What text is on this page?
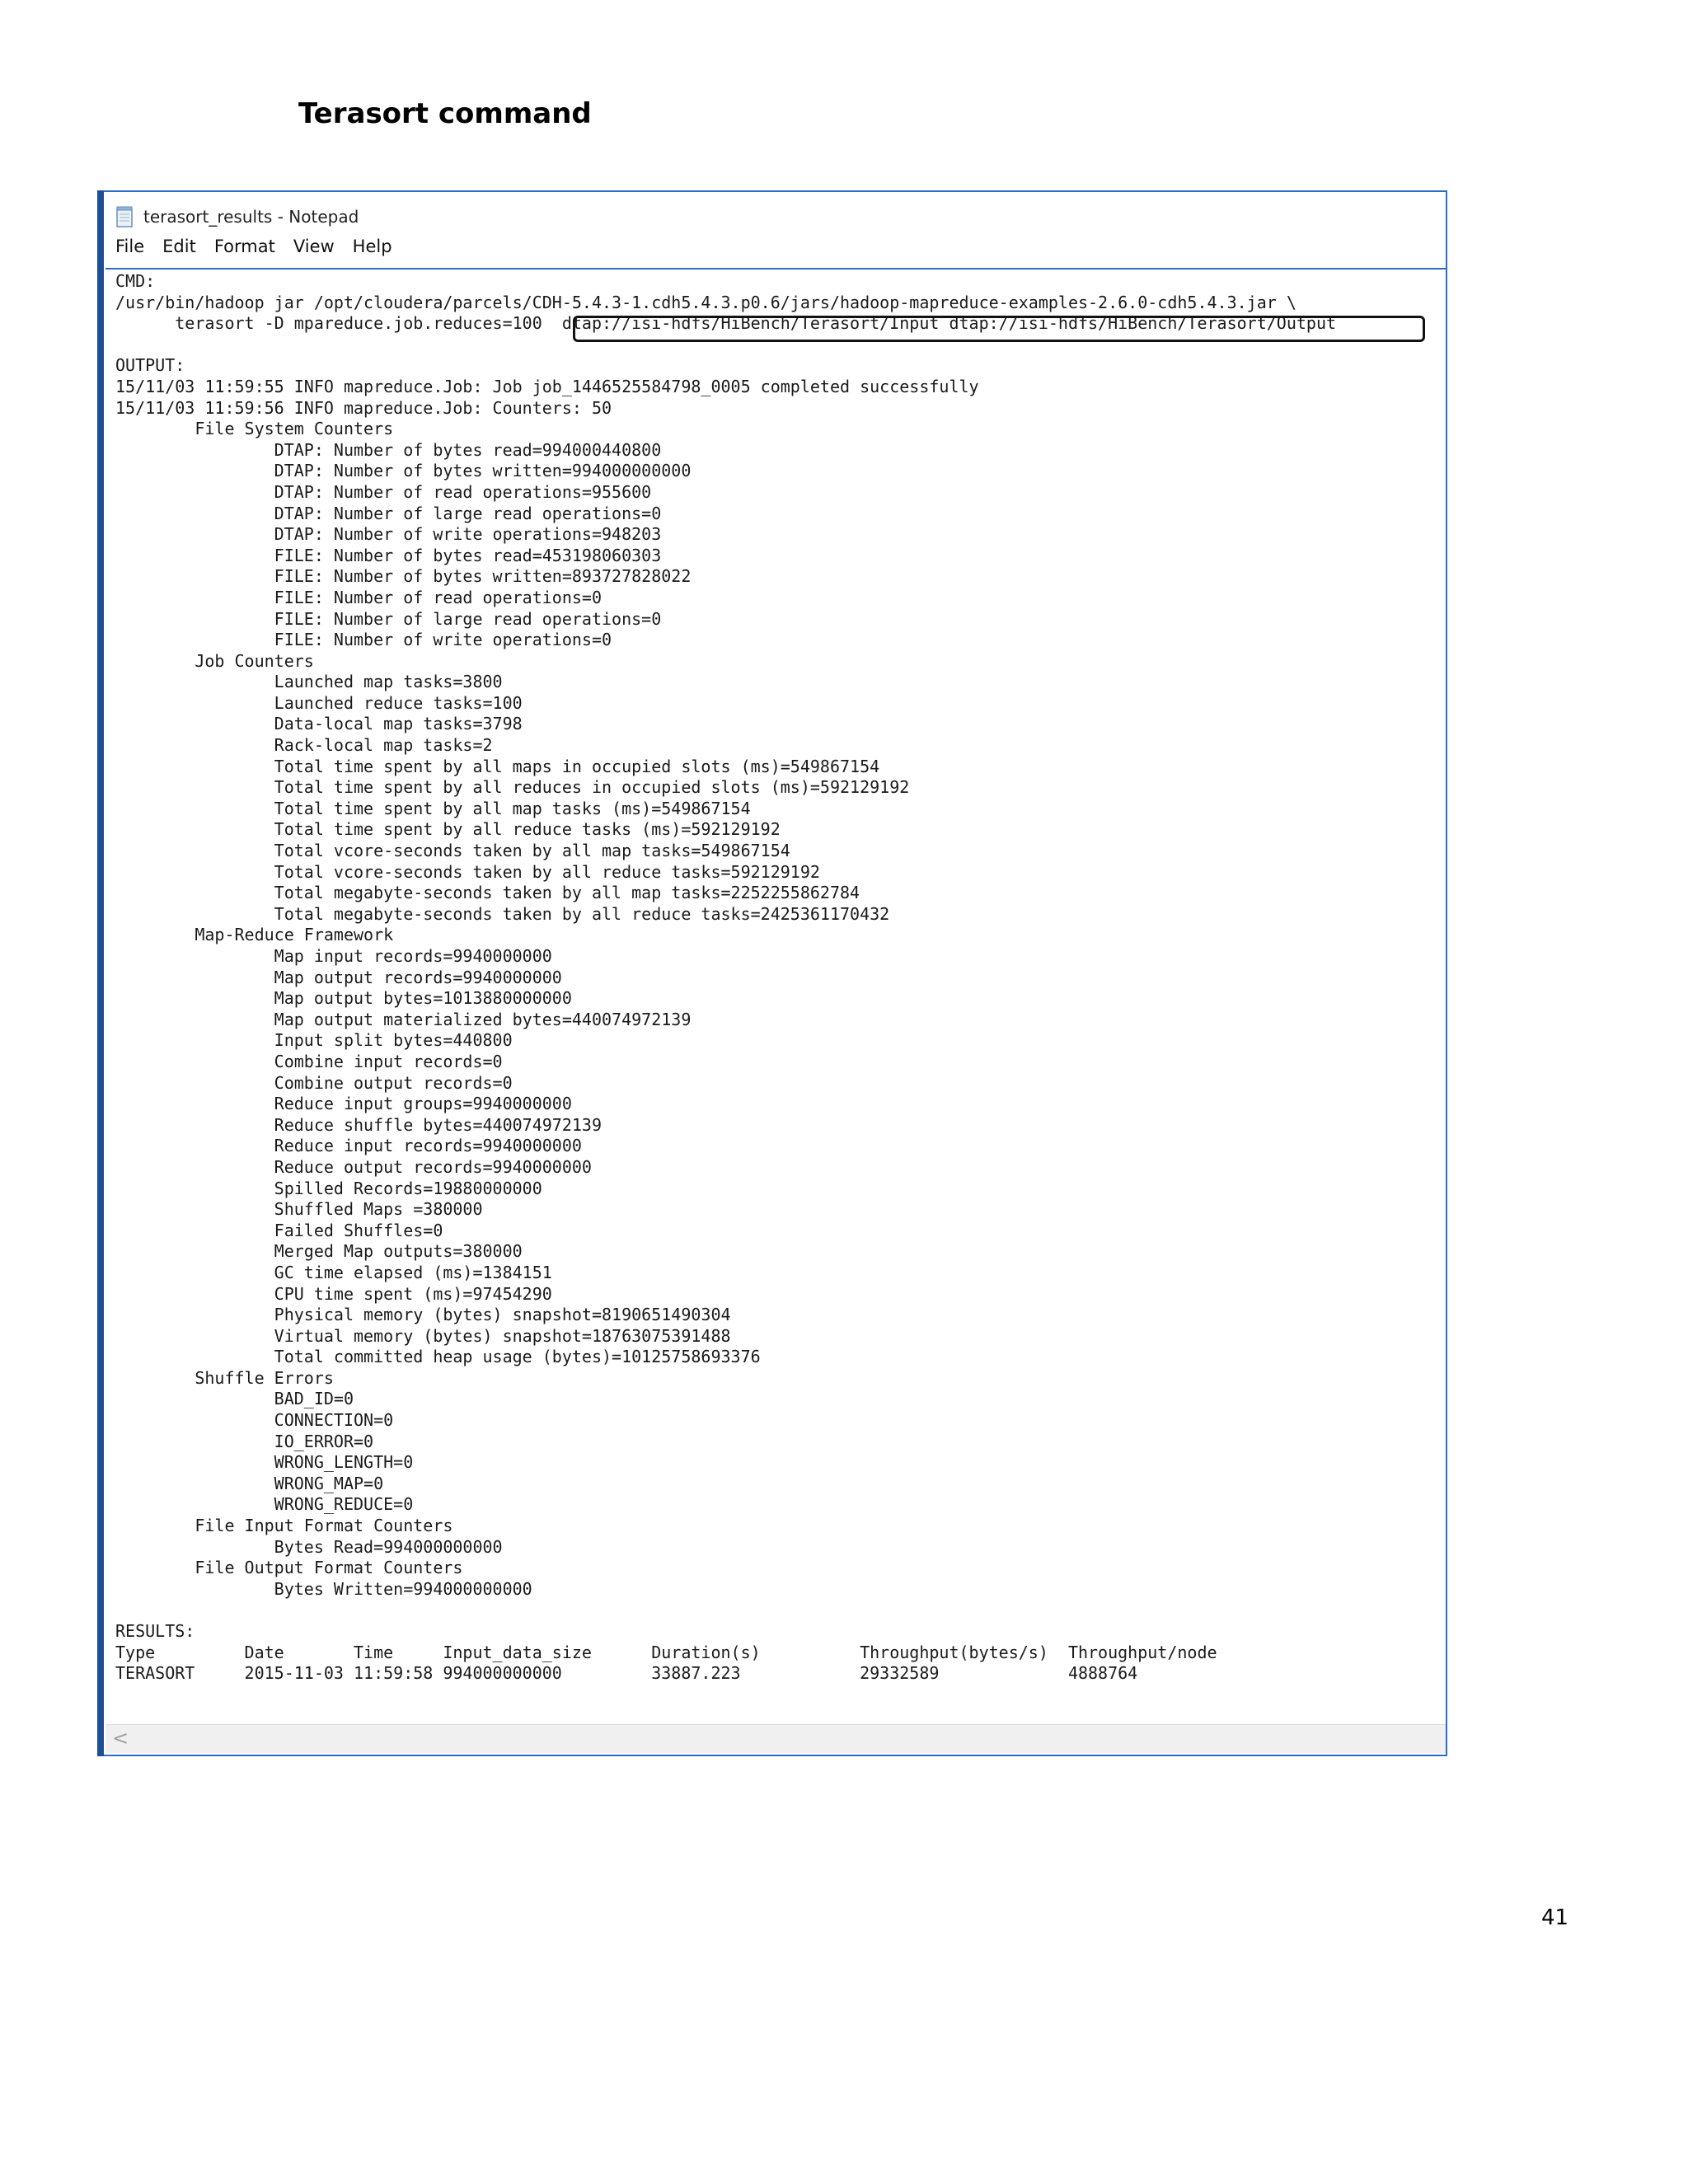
Terasort command
terasort_results - Notepad
File Edit Format View Help
CMD:
/usr/bin/hadoop jar /opt/cloudera/parcels/CDH-5.4.3-1.cdh5.4.3.p0.6/jars/hadoop-mapreduce-examples-2.6.0-cdh5.4.3.jar \
terasort -D mpareduce.job.reduces=100  dtap://isi-hdfs/HiBench/Terasort/Input dtap://isi-hdfs/HiBench/Terasort/Output
OUTPUT:
15/11/03 11:59:55 INFO mapreduce.Job: Job job_1446525584798_0005 completed successfully
15/11/03 11:59:56 INFO mapreduce.Job: Counters: 50
File System Counters
DTAP: Number of bytes read=994000440800
DTAP: Number of bytes written=994000000000
DTAP: Number of read operations=955600
DTAP: Number of large read operations=0
DTAP: Number of write operations=948203
FILE: Number of bytes read=453198060303
FILE: Number of bytes written=893727828022
FILE: Number of read operations=0
FILE: Number of large read operations=0
FILE: Number of write operations=0
Job Counters
Launched map tasks=3800
Launched reduce tasks=100
Data-local map tasks=3798
Rack-local map tasks=2
Total time spent by all maps in occupied slots (ms)=549867154
Total time spent by all reduces in occupied slots (ms)=592129192
Total time spent by all map tasks (ms)=549867154
Total time spent by all reduce tasks (ms)=592129192
Total vcore-seconds taken by all map tasks=549867154
Total vcore-seconds taken by all reduce tasks=592129192
Total megabyte-seconds taken by all map tasks=2252255862784
Total megabyte-seconds taken by all reduce tasks=2425361170432
Map-Reduce Framework
Map input records=9940000000
Map output records=9940000000
Map output bytes=1013880000000
Map output materialized bytes=440074972139
Input split bytes=440800
Combine input records=0
Combine output records=0
Reduce input groups=9940000000
Reduce shuffle bytes=440074972139
Reduce input records=9940000000
Reduce output records=9940000000
Spilled Records=19880000000
Shuffled Maps =380000
Failed Shuffles=0
Merged Map outputs=380000
GC time elapsed (ms)=1384151
CPU time spent (ms)=97454290
Physical memory (bytes) snapshot=8190651490304
Virtual memory (bytes) snapshot=18763075391488
Total committed heap usage (bytes)=10125758693376
Shuffle Errors
BAD_ID=0
CONNECTION=0
IO_ERROR=0
WRONG_LENGTH=0
WRONG_MAP=0
WRONG_REDUCE=0
File Input Format Counters
Bytes Read=994000000000
File Output Format Counters
Bytes Written=994000000000
RESULTS:
Type         Date       Time     Input_data_size      Duration(s)          Throughput(bytes/s)  Throughput/node
TERASORT     2015-11-03 11:59:58 994000000000         33887.223            29332589             4888764
<
41
